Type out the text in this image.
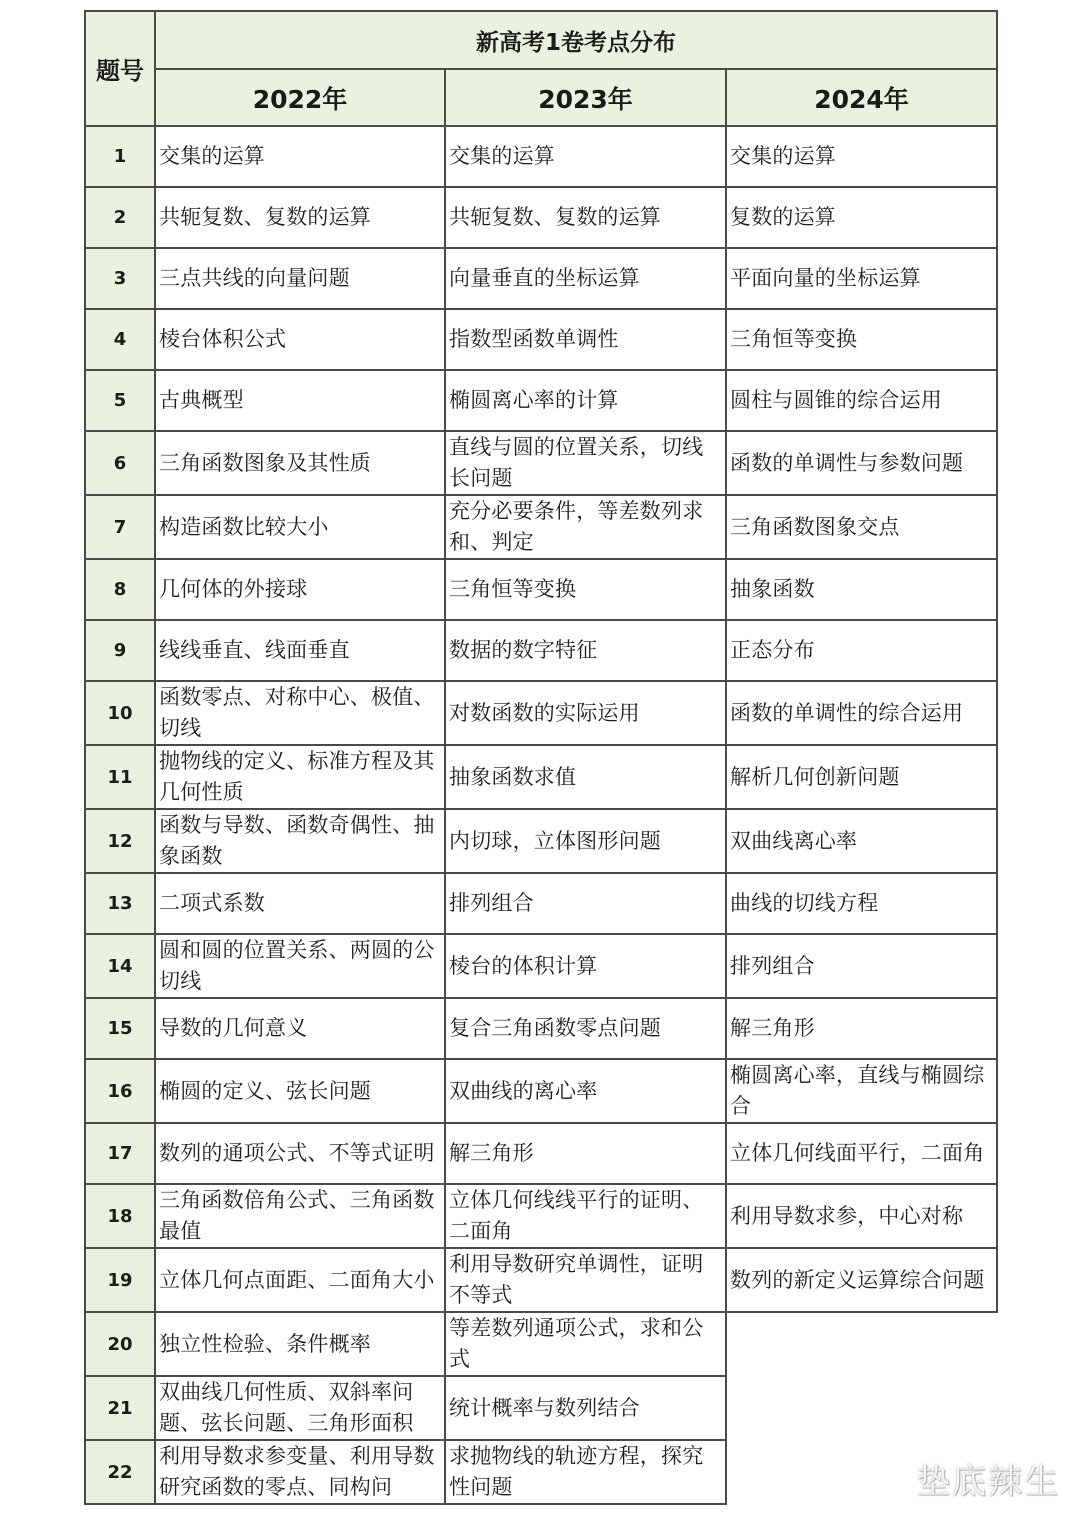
题号	新高考1卷考点分布		
	2022年	2023年	2024年
1	交集的运算	交集的运算	交集的运算
2	共轭复数、复数的运算	共轭复数、复数的运算	复数的运算
3	三点共线的向量问题	向量垂直的坐标运算	平面向量的坐标运算
4	棱台体积公式	指数型函数单调性	三角恒等变换
5	古典概型	椭圆离心率的计算	圆柱与圆锥的综合运用
6	三角函数图象及其性质	直线与圆的位置关系，切线长问题	函数的单调性与参数问题
7	构造函数比较大小	充分必要条件，等差数列求和、判定	三角函数图象交点
8	几何体的外接球	三角恒等变换	抽象函数
9	线线垂直、线面垂直	数据的数字特征	正态分布
10	函数零点、对称中心、极值、切线	对数函数的实际运用	函数的单调性的综合运用
11	抛物线的定义、标准方程及其几何性质	抽象函数求值	解析几何创新问题
12	函数与导数、函数奇偶性、抽象函数	内切球，立体图形问题	双曲线离心率
13	二项式系数	排列组合	曲线的切线方程
14	圆和圆的位置关系、两圆的公切线	棱台的体积计算	排列组合
15	导数的几何意义	复合三角函数零点问题	解三角形
16	椭圆的定义、弦长问题	双曲线的离心率	椭圆离心率，直线与椭圆综合
17	数列的通项公式、不等式证明	解三角形	立体几何线面平行，二面角
18	三角函数倍角公式、三角函数最值	立体几何线线平行的证明、二面角	利用导数求参，中心对称
19	立体几何点面距、二面角大小	利用导数研究单调性，证明不等式	数列的新定义运算综合问题
20	独立性检验、条件概率	等差数列通项公式，求和公式	
21	双曲线几何性质、双斜率问题、弦长问题、三角形面积	统计概率与数列结合	
22	利用导数求参变量、利用导数研究函数的零点、同构问	求抛物线的轨迹方程，探究性问题		垫底辣生
